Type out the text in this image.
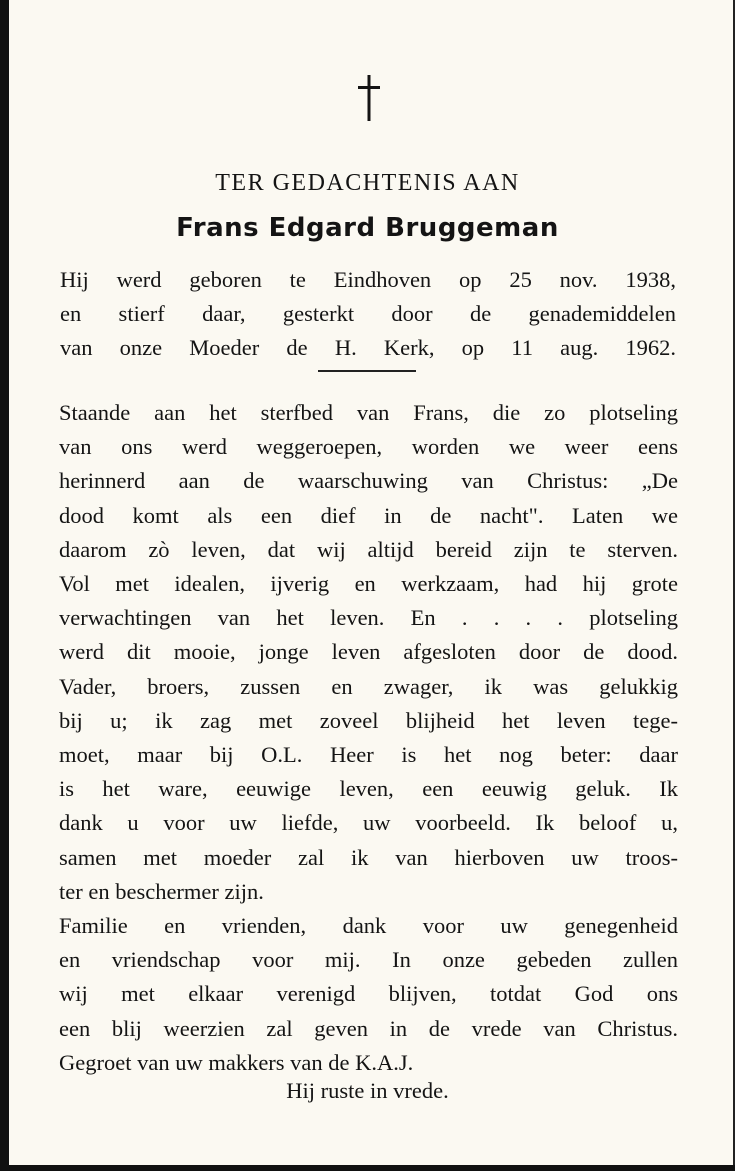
TER GEDACHTENIS AAN
Frans Edgard Bruggeman
Hij werd geboren te Eindhoven op 25 nov. 1938,
en stierf daar, gesterkt door de genademiddelen
van onze Moeder de H. Kerk, op 11 aug. 1962.
Staande aan het sterfbed van Frans, die zo plotseling
van ons werd weggeroepen, worden we weer eens
herinnerd aan de waarschuwing van Christus: „De
dood komt als een dief in de nacht". Laten we
daarom zò leven, dat wij altijd bereid zijn te sterven.
Vol met idealen, ijverig en werkzaam, had hij grote
verwachtingen van het leven. En . . . . plotseling
werd dit mooie, jonge leven afgesloten door de dood.
Vader, broers, zussen en zwager, ik was gelukkig
bij u; ik zag met zoveel blijheid het leven tege-
moet, maar bij O.L. Heer is het nog beter: daar
is het ware, eeuwige leven, een eeuwig geluk. Ik
dank u voor uw liefde, uw voorbeeld. Ik beloof u,
samen met moeder zal ik van hierboven uw troos-
ter en beschermer zijn.
Familie en vrienden, dank voor uw genegenheid
en vriendschap voor mij. In onze gebeden zullen
wij met elkaar verenigd blijven, totdat God ons
een blij weerzien zal geven in de vrede van Christus.
Gegroet van uw makkers van de K.A.J.
Hij ruste in vrede.
